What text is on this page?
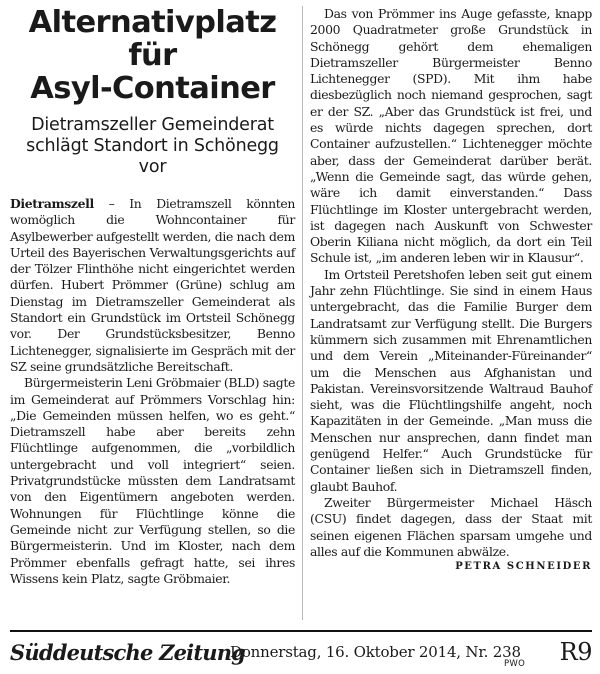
Alternativplatz für
Asyl-Container
Dietramszeller Gemeinderat
schlägt Standort in Schönegg vor

Dietramszell – In Dietramszell könnten womöglich die Wohncontainer für Asylbewerber aufgestellt werden, die nach dem Urteil des Bayerischen Verwaltungsgerichts auf der Tölzer Flinthöhe nicht eingerichtet werden dürfen. Hubert Prömmer (Grüne) schlug am Dienstag im Dietramszeller Gemeinderat als Standort ein Grundstück im Ortsteil Schönegg vor. Der Grundstücksbesitzer, Benno Lichtenegger, signalisierte im Gespräch mit der SZ seine grundsätzliche Bereitschaft.

Bürgermeisterin Leni Gröbmaier (BLD) sagte im Gemeinderat auf Prömmers Vorschlag hin: „Die Gemeinden müssen helfen, wo es geht.“ Dietramszell habe aber bereits zehn Flüchtlinge aufgenommen, die „vorbildlich untergebracht und voll integriert“ seien. Privatgrundstücke müssten dem Landratsamt von den Eigentümern angeboten werden. Wohnungen für Flüchtlinge könne die Gemeinde nicht zur Verfügung stellen, so die Bürgermeisterin. Und im Kloster, nach dem Prömmer ebenfalls gefragt hatte, sei ihres Wissens kein Platz, sagte Gröbmaier.

Das von Prömmer ins Auge gefasste, knapp 2000 Quadratmeter große Grundstück in Schönegg gehört dem ehemaligen Dietramszeller Bürgermeister Benno Lichtenegger (SPD). Mit ihm habe diesbezüglich noch niemand gesprochen, sagt er der SZ. „Aber das Grundstück ist frei, und es würde nichts dagegen sprechen, dort Container aufzustellen.“ Lichtenegger möchte aber, dass der Gemeinderat darüber berät. „Wenn die Gemeinde sagt, das würde gehen, wäre ich damit einverstanden.“ Dass Flüchtlinge im Kloster untergebracht werden, ist dagegen nach Auskunft von Schwester Oberin Kiliana nicht möglich, da dort ein Teil Schule ist, „im anderen leben wir in Klausur“.

Im Ortsteil Peretshofen leben seit gut einem Jahr zehn Flüchtlinge. Sie sind in einem Haus untergebracht, das die Familie Burger dem Landratsamt zur Verfügung stellt. Die Burgers kümmern sich zusammen mit Ehrenamtlichen und dem Verein „Miteinander-Füreinander“ um die Menschen aus Afghanistan und Pakistan. Vereinsvorsitzende Waltraud Bauhof sieht, was die Flüchtlingshilfe angeht, noch Kapazitäten in der Gemeinde. „Man muss die Menschen nur ansprechen, dann findet man genügend Helfer.“ Auch Grundstücke für Container ließen sich in Dietramszell finden, glaubt Bauhof.

Zweiter Bürgermeister Michael Häsch (CSU) findet dagegen, dass der Staat mit seinen eigenen Flächen sparsam umgehe und alles auf die Kommunen abwälze.

PETRA SCHNEIDER
Süddeutsche Zeitung
Donnerstag, 16. Oktober 2014, Nr. 238
PWO R9
